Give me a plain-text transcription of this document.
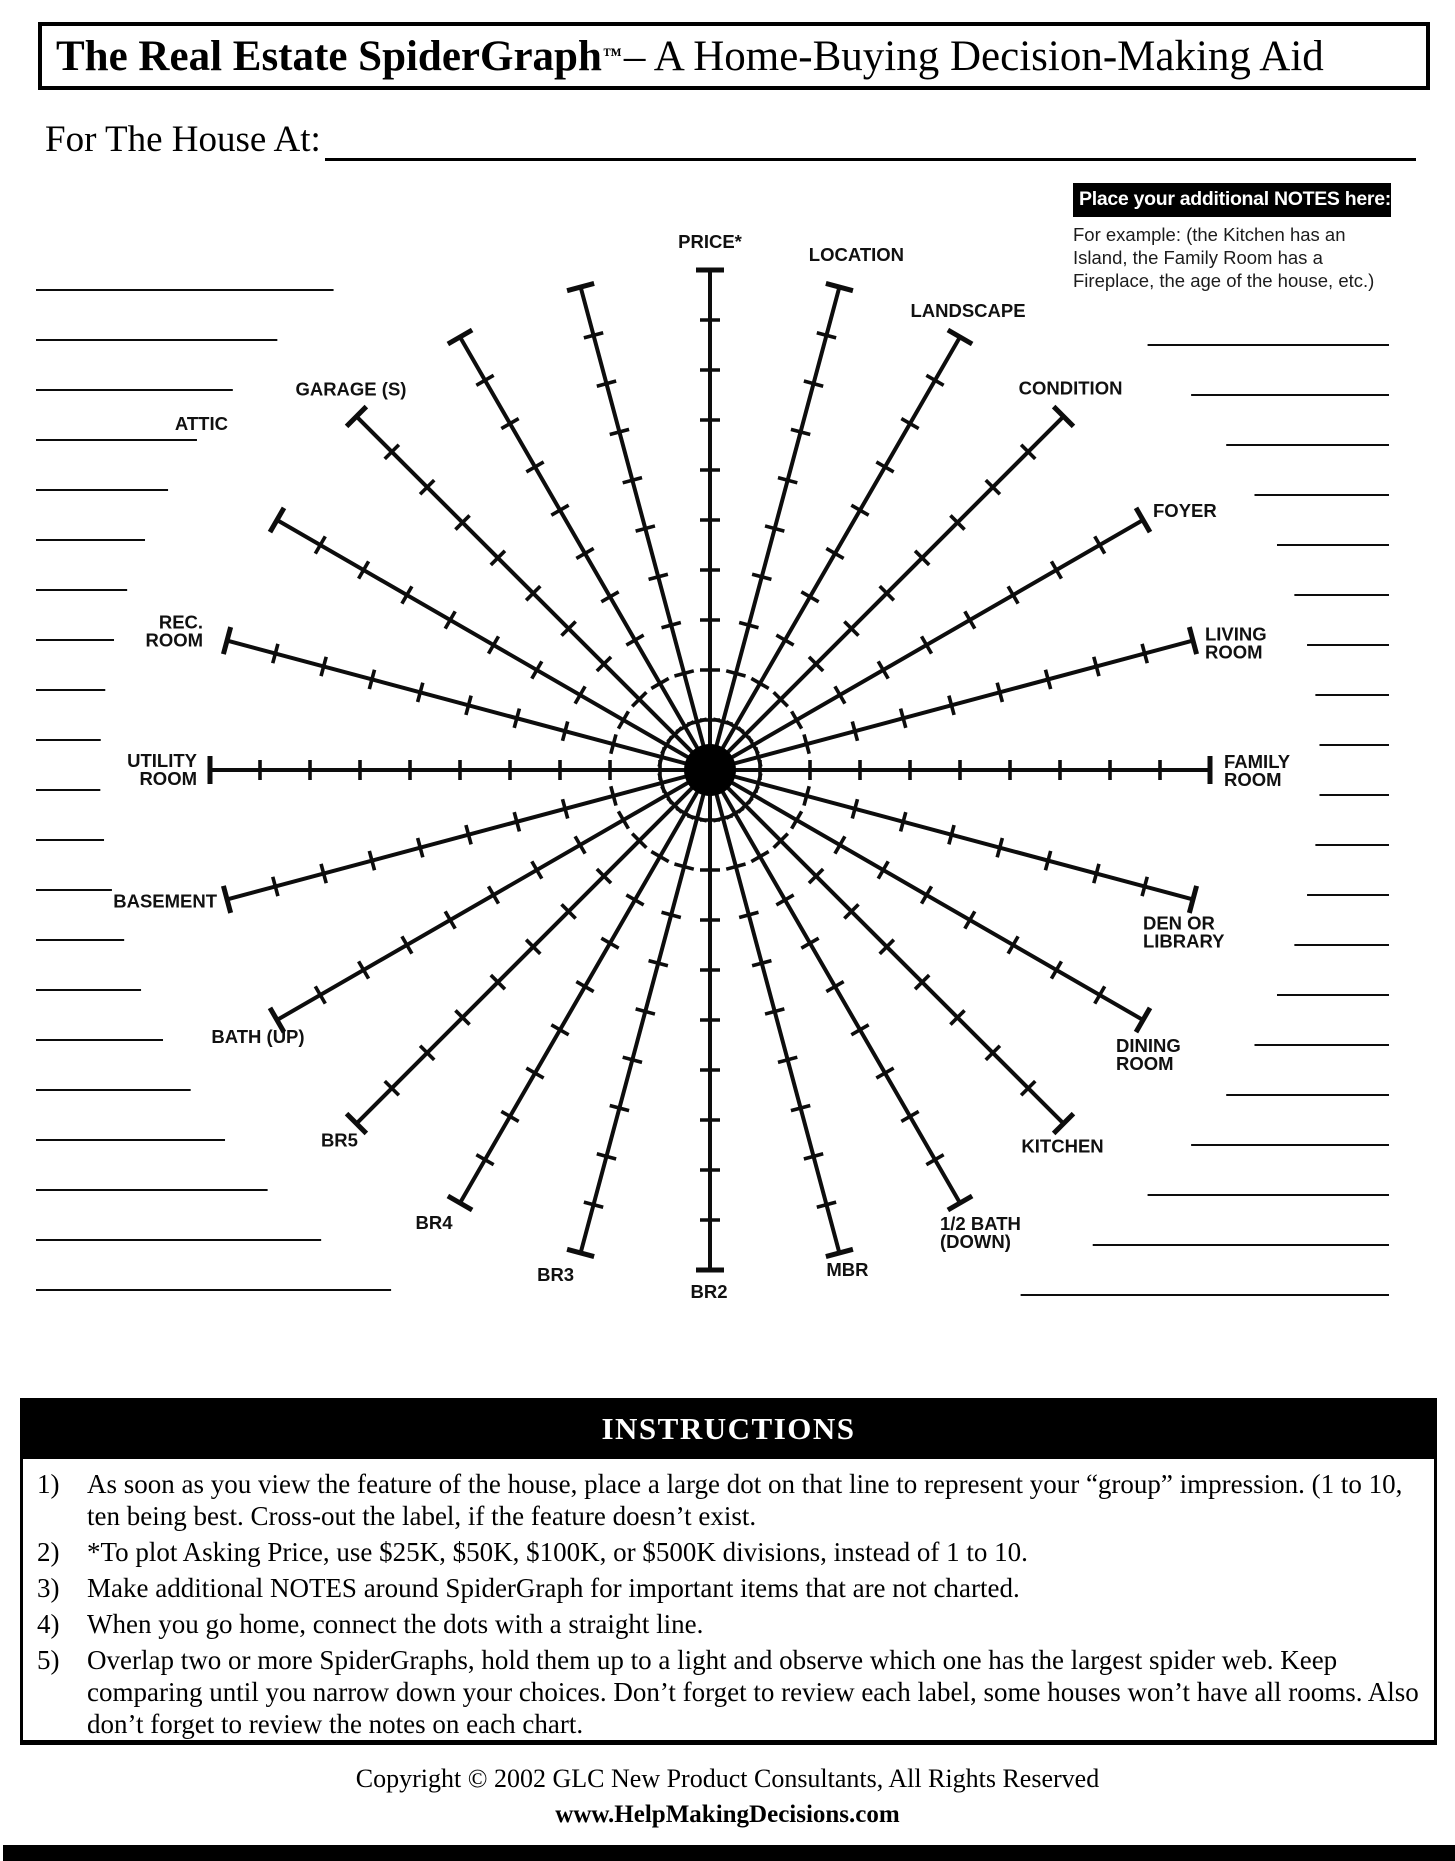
The Real Estate SpiderGraph ™ – A Home-Buying Decision-Making Aid
For The House At:
PRICE*
LOCATION
LANDSCAPE
CONDITION
FOYER
LIVING ROOM
FAMILY ROOM
DEN OR LIBRARY
DINING ROOM
KITCHEN
1/2 BATH (DOWN)
MBR
BR2
BR3
BR4
BR5
BATH (UP)
BASEMENT
UTILITY ROOM
REC. ROOM
ATTIC
GARAGE (S)
Place your additional NOTES here:
For example: (the Kitchen has an
Island, the Family Room has a
Fireplace, the age of the house, etc.)
INSTRUCTIONS
1)	As soon as you view the feature of the house, place a large dot on that line to represent your “group” impression. (1 to 10, ten being best. Cross-out the label, if the feature doesn’t exist.
2)	*To plot Asking Price, use $25K, $50K, $100K, or $500K divisions, instead of 1 to 10.
3)	Make additional NOTES around SpiderGraph for important items that are not charted.
4)	When you go home, connect the dots with a straight line.
5)	Overlap two or more SpiderGraphs, hold them up to a light and observe which one has the largest spider web. Keep comparing until you narrow down your choices. Don’t forget to review each label, some houses won’t have all rooms. Also don’t forget to review the notes on each chart.
Copyright © 2002 GLC New Product Consultants, All Rights Reserved
www.HelpMakingDecisions.com
